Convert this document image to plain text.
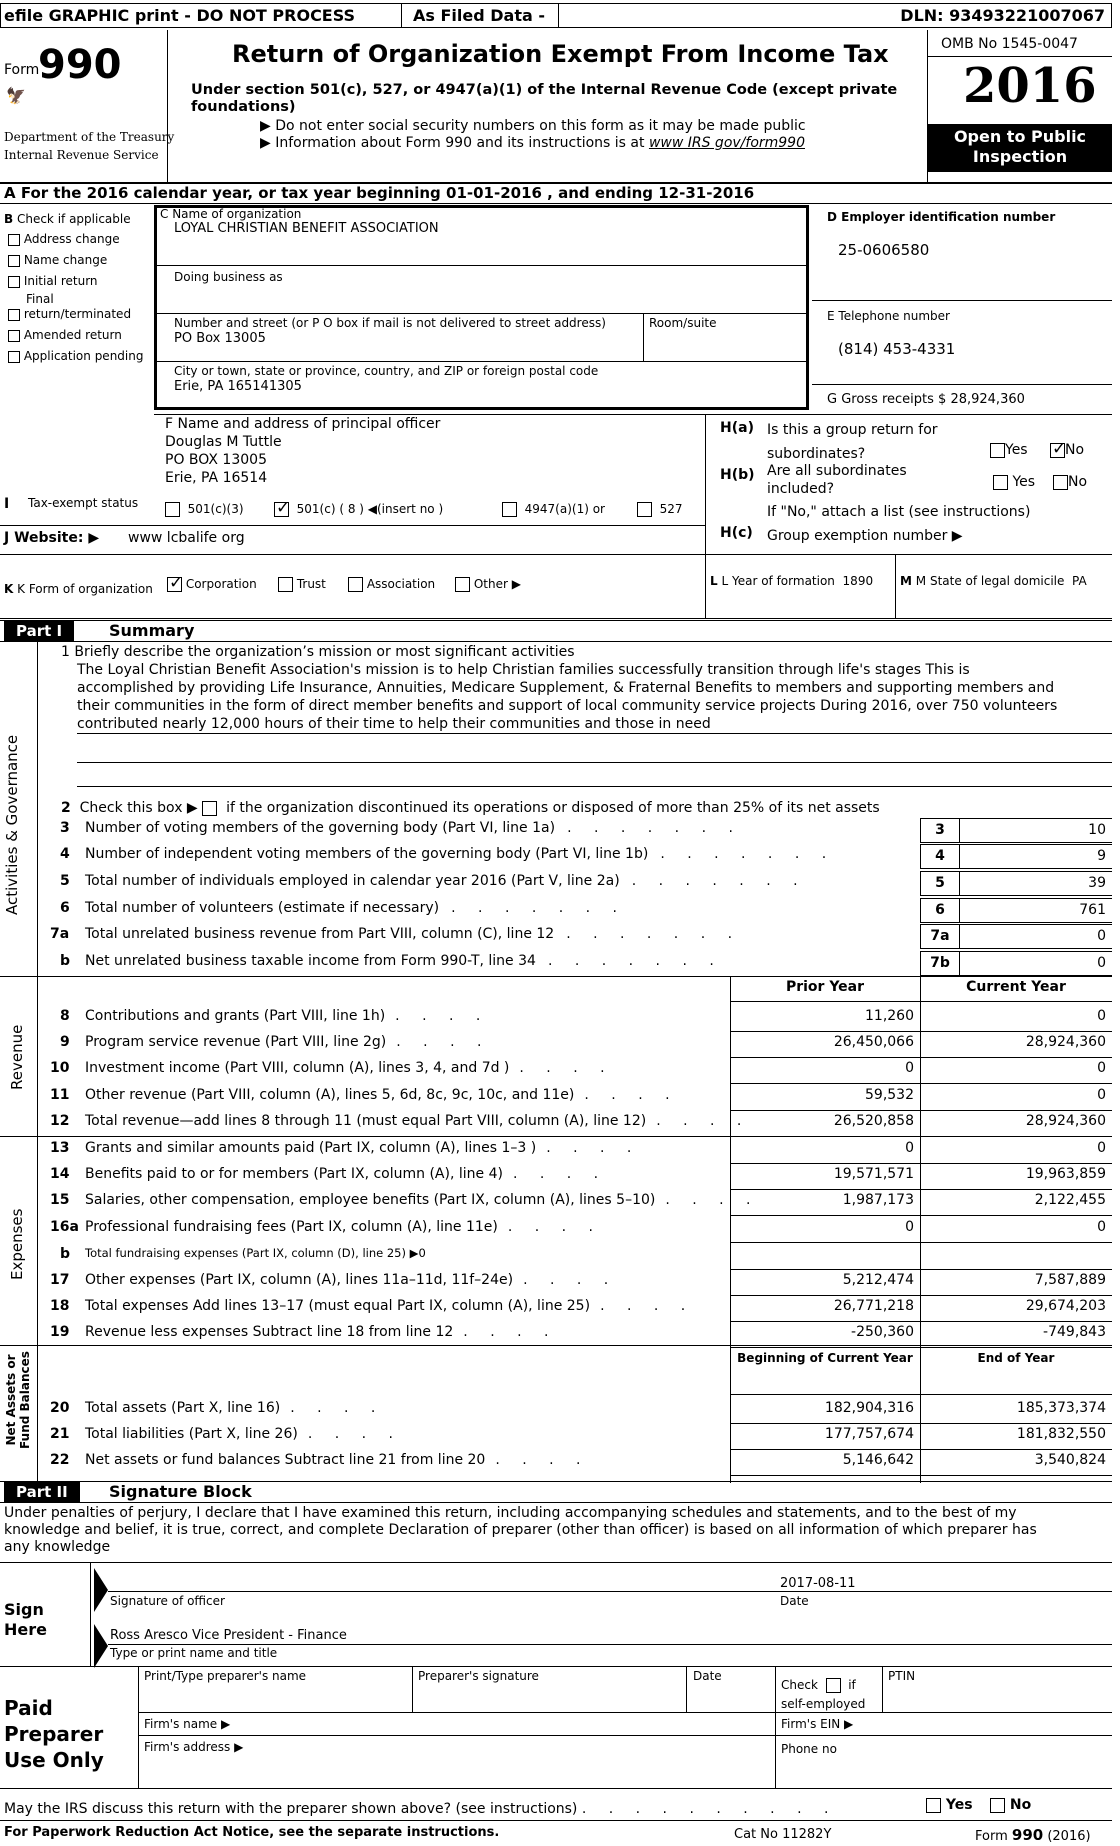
efile GRAPHIC print - DO NOT PROCESS	As Filed Data -	DLN: 93493221007067
Form
990
🦅
Department of the Treasury
Internal Revenue Service
Return of Organization Exempt From Income Tax
Under section 501(c), 527, or 4947(a)(1) of the Internal Revenue Code (except private
foundations)
▶ Do not enter social security numbers on this form as it may be made public
▶ Information about Form 990 and its instructions is at www IRS gov/form990
OMB No 1545-0047
2016
Open to Public
Inspection
A For the 2016 calendar year, or tax year beginning 01-01-2016 , and ending 12-31-2016
B Check if applicable
Address change
Name change
Initial return
Final
return/terminated
Amended return
Application pending
C Name of organization
LOYAL CHRISTIAN BENEFIT ASSOCIATION
Doing business as
Number and street (or P O box if mail is not delivered to street address)	Room/suite
PO Box 13005
City or town, state or province, country, and ZIP or foreign postal code
Erie, PA 165141305
D Employer identification number
25-0606580
E Telephone number
(814) 453-4331
G Gross receipts $ 28,924,360
F Name and address of principal officer
Douglas M Tuttle
PO BOX 13005
Erie, PA 16514
H(a) Is this a group return for
subordinates?	Yes ✓	No
H(b) Are all subordinates
included?	Yes	No
If "No," attach a list (see instructions)
H(c) Group exemption number ▶
I Tax-exempt status	501(c)(3) ✓	501(c) ( 8 ) ◀(insert no )	4947(a)(1) or	527
J Website: ▶ www lcbalife org
K K Form of organization ✓	Corporation	Trust	Association	Other ▶	L L Year of formation 1890 M M State of legal domicile PA
Part I	Summary
Activities & Governance
Revenue
Expenses
Net Assets or Fund Balances
1 Briefly describe the organization’s mission or most significant activities
The Loyal Christian Benefit Association's mission is to help Christian families successfully transition through life's stages This is
accomplished by providing Life Insurance, Annuities, Medicare Supplement, & Fraternal Benefits to members and supporting members and
their communities in the form of direct member benefits and support of local community service projects During 2016, over 750 volunteers
contributed nearly 12,000 hours of their time to help their communities and those in need
2 Check this box ▶ if the organization discontinued its operations or disposed of more than 25% of its net assets
3 Number of voting members of the governing body (Part VI, line 1a) . . . . . . .	3	10
4 Number of independent voting members of the governing body (Part VI, line 1b) . . . . . . .	4	9
5 Total number of individuals employed in calendar year 2016 (Part V, line 2a) . . . . . . .	5	39
6 Total number of volunteers (estimate if necessary) . . . . . . .	6	761
7a Total unrelated business revenue from Part VIII, column (C), line 12 . . . . . . .	7a	0
b Net unrelated business taxable income from Form 990-T, line 34 . . . . . . .	7b	0
Prior Year	Current Year
8 Contributions and grants (Part VIII, line 1h) . . . .	11,260	0
9 Program service revenue (Part VIII, line 2g) . . . .	26,450,066	28,924,360
10 Investment income (Part VIII, column (A), lines 3, 4, and 7d ) . . . .	0	0
11 Other revenue (Part VIII, column (A), lines 5, 6d, 8c, 9c, 10c, and 11e) . . . .	59,532	0
12 Total revenue—add lines 8 through 11 (must equal Part VIII, column (A), line 12) . . . .	26,520,858	28,924,360
13 Grants and similar amounts paid (Part IX, column (A), lines 1–3 ) . . . .	0	0
14 Benefits paid to or for members (Part IX, column (A), line 4) . . . .	19,571,571	19,963,859
15 Salaries, other compensation, employee benefits (Part IX, column (A), lines 5–10) . . . .	1,987,173	2,122,455
16a Professional fundraising fees (Part IX, column (A), line 11e) . . . .	0	0
b Total fundraising expenses (Part IX, column (D), line 25) ▶0
17 Other expenses (Part IX, column (A), lines 11a–11d, 11f–24e) . . . .	5,212,474	7,587,889
18 Total expenses Add lines 13–17 (must equal Part IX, column (A), line 25) . . . .	26,771,218	29,674,203
19 Revenue less expenses Subtract line 18 from line 12 . . . .	-250,360	-749,843
Beginning of Current Year	End of Year
20 Total assets (Part X, line 16) . . . .	182,904,316	185,373,374
21 Total liabilities (Part X, line 26) . . . .	177,757,674	181,832,550
22 Net assets or fund balances Subtract line 21 from line 20 . . . .	5,146,642	3,540,824
Part II	Signature Block
Under penalties of perjury, I declare that I have examined this return, including accompanying schedules and statements, and to the best of my
knowledge and belief, it is true, correct, and complete Declaration of preparer (other than officer) is based on all information of which preparer has
any knowledge
Sign
Here
2017-08-11
Signature of officer	Date
Ross Aresco Vice President - Finance
Type or print name and title
Paid
Preparer
Use Only
Print/Type preparer's name	Preparer's signature	Date
Check	if
self-employed
PTIN
Firm's name ▶	Firm's EIN ▶
Firm's address ▶	Phone no
May the IRS discuss this return with the preparer shown above? (see instructions) . . . . . . . . . .	Yes	No
For Paperwork Reduction Act Notice, see the separate instructions.	Cat No 11282Y	Form 990 (2016)
